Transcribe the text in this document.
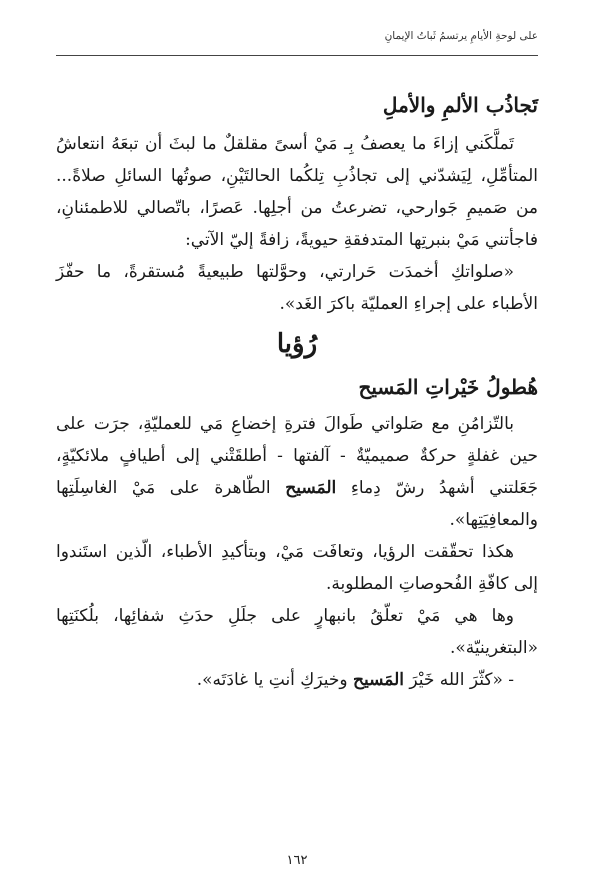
على لوحةِ الأيامِ يرتسمُ ثَباتُ الإيمانِ
تَجاذُب الألمِ والأملِ

تَملَّكَني إزاءَ ما يعصفُ بِـ مَيْ أسىً مقلقلٌ ما لبثَ أن تبعَهُ انتعاشُ المتأمِّلِ، لِيَشدّني إلى تجاذُبِ تِلكُما الحالتَيْنِ، صوتُها السائلِ صلاةً... من صَميمِ جَوارحي، تضرعتُ من أجلِها. عَصرًا، باتّصالي للاطمئنانِ، فاجأتني مَيْ بنبرتِها المتدفقةِ حيويةً، زافةً إليّ الآتي:

«صلواتكِ أخمدَت حَرارتي، وحوَّلتها طبيعيةً مُستقرةً، ما حفّزَ الأطباء على إجراءِ العمليّة باكرَ الغَد».

رُؤيا
هُطولُ خَيْراتِ المَسيح

بالتّزامُنِ مع صَلواتي طَوالَ فترةِ إخضاعِ مَي للعمليّةِ، جرَت على حين غفلةٍ حركةٌ صميميّةٌ - آلفتها - أطلقَتْني إلى أطيافٍ ملائكيّةٍ، جَعَلتني أشهدُ رشّ دِماءِ المَسيح الطّاهرة على مَيْ الغاسِلَتِها والمعافِيَتِها».

هكذا تحقّقت الرؤيا، وتعافَت مَيْ، وبتأكيدِ الأطباء، الّذين استَندوا إلى كافّةِ الفُحوصاتِ المطلوبة.

وها هي مَيْ تعلّقُ بانبهارٍ على جلَلِ حدَثِ شفائِها، بلُكنَتِها «البتغرينيّة».

- «كثّرَ الله خَيْرَ المَسيح وخيرَكِ أنتِ يا غادَتَه».

١٦٢
